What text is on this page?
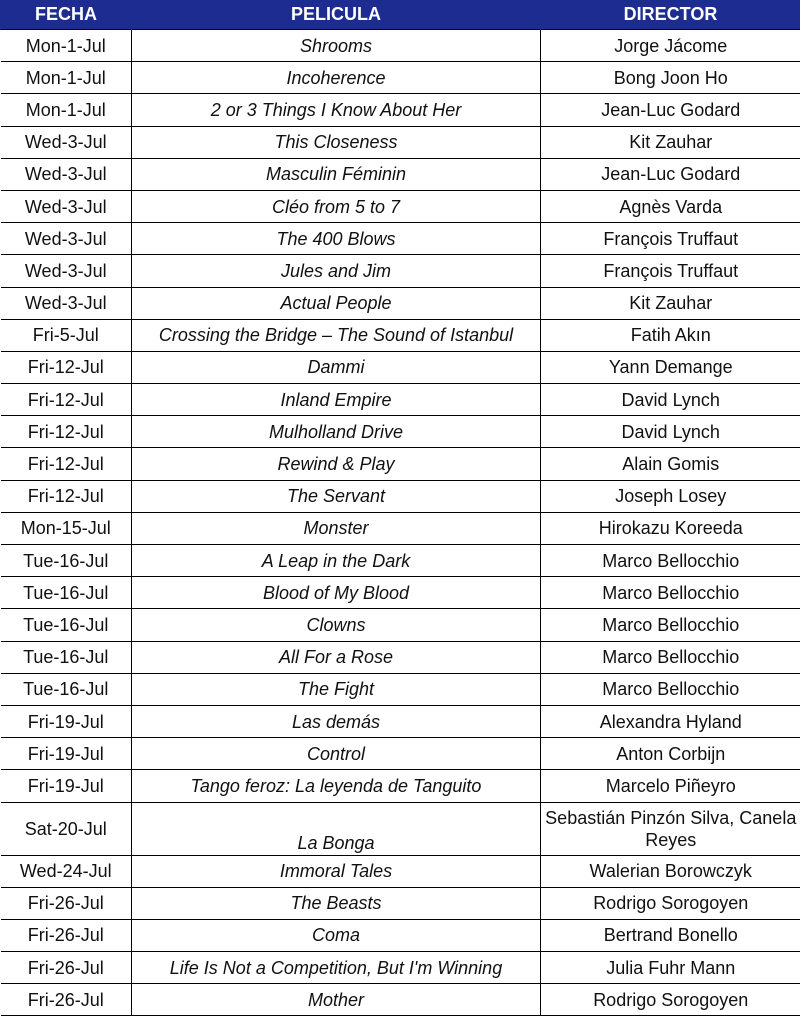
FECHA	PELICULA	DIRECTOR
Mon-1-Jul	Shrooms	Jorge Jácome
Mon-1-Jul	Incoherence	Bong Joon Ho
Mon-1-Jul	2 or 3 Things I Know About Her	Jean-Luc Godard
Wed-3-Jul	This Closeness	Kit Zauhar
Wed-3-Jul	Masculin Féminin	Jean-Luc Godard
Wed-3-Jul	Cléo from 5 to 7	Agnès Varda
Wed-3-Jul	The 400 Blows	François Truffaut
Wed-3-Jul	Jules and Jim	François Truffaut
Wed-3-Jul	Actual People	Kit Zauhar
Fri-5-Jul	Crossing the Bridge – The Sound of Istanbul	Fatih Akın
Fri-12-Jul	Dammi	Yann Demange
Fri-12-Jul	Inland Empire	David Lynch
Fri-12-Jul	Mulholland Drive	David Lynch
Fri-12-Jul	Rewind & Play	Alain Gomis
Fri-12-Jul	The Servant	Joseph Losey
Mon-15-Jul	Monster	Hirokazu Koreeda
Tue-16-Jul	A Leap in the Dark	Marco Bellocchio
Tue-16-Jul	Blood of My Blood	Marco Bellocchio
Tue-16-Jul	Clowns	Marco Bellocchio
Tue-16-Jul	All For a Rose	Marco Bellocchio
Tue-16-Jul	The Fight	Marco Bellocchio
Fri-19-Jul	Las demás	Alexandra Hyland
Fri-19-Jul	Control	Anton Corbijn
Fri-19-Jul	Tango feroz: La leyenda de Tanguito	Marcelo Piñeyro
Sat-20-Jul	La Bonga	Sebastián Pinzón Silva, Canela Reyes
Wed-24-Jul	Immoral Tales	Walerian Borowczyk
Fri-26-Jul	The Beasts	Rodrigo Sorogoyen
Fri-26-Jul	Coma	Bertrand Bonello
Fri-26-Jul	Life Is Not a Competition, But I'm Winning	Julia Fuhr Mann
Fri-26-Jul	Mother	Rodrigo Sorogoyen
